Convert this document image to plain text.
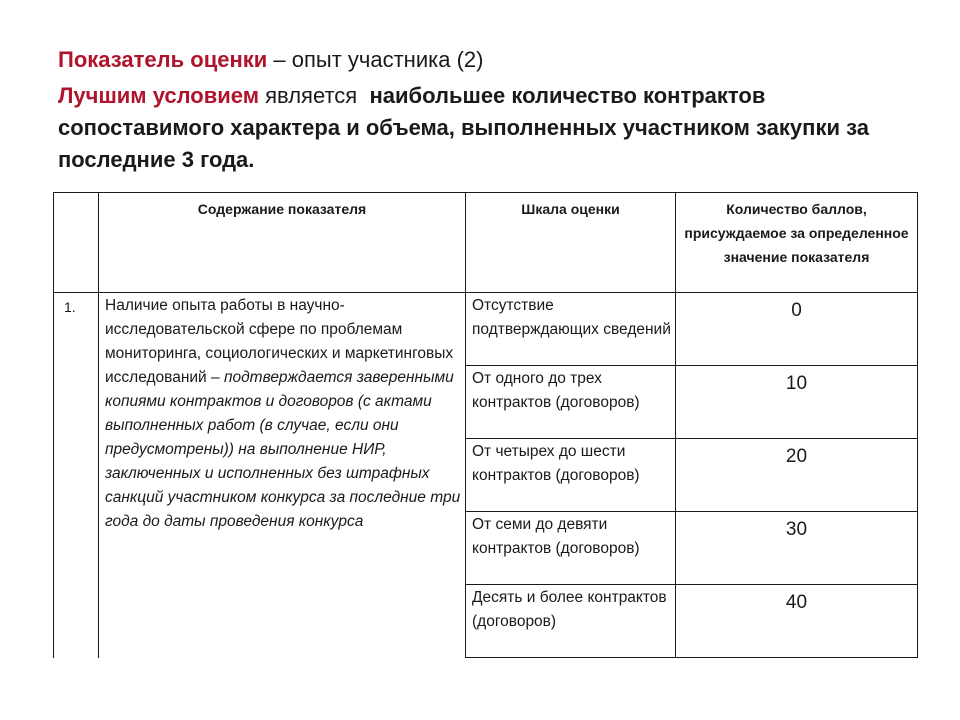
Показатель оценки – опыт участника (2)

Лучшим условием является  наибольшее количество контрактов сопоставимого характера и объема, выполненных участником закупки за последние 3 года.

	Содержание показателя	Шкала оценки	Количество баллов, присуждаемое за определенное значение показателя
1.	Наличие опыта работы в научно-исследовательской сфере по проблемам мониторинга, социологических и маркетинговых исследований – подтверждается заверенными копиями контрактов и договоров (с актами выполненных работ (в случае, если они предусмотрены)) на выполнение НИР, заключенных и исполненных без штрафных санкций участником конкурса за последние три года до даты проведения конкурса	Отсутствие подтверждающих сведений	0
		От одного до трех контрактов (договоров)	10
		От четырех до шести контрактов (договоров)	20
		От семи до девяти контрактов (договоров)	30
		Десять и более контрактов (договоров)	40
